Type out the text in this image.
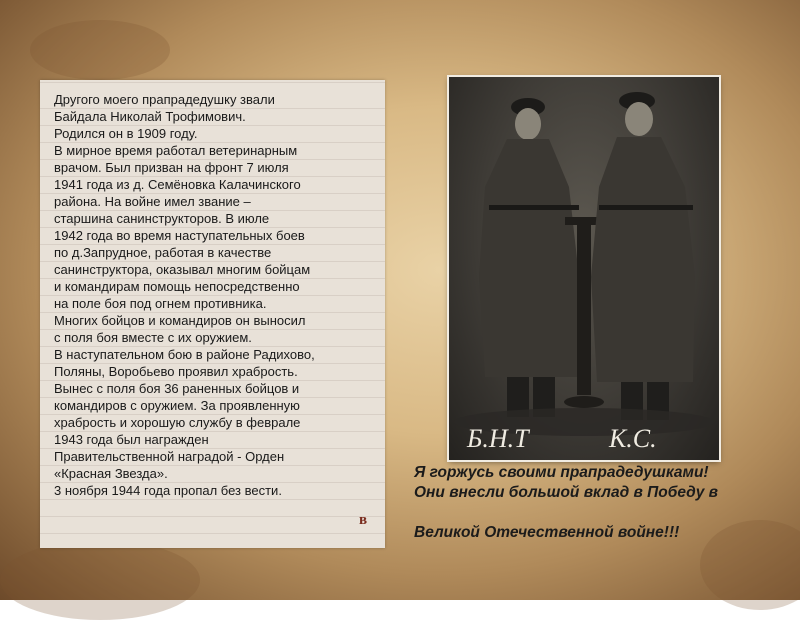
Другого моего прапрадедушку звали
Байдала Николай Трофимович.
Родился он в 1909 году.
В мирное время работал ветеринарным
врачом. Был призван на фронт 7 июля
1941 года из д. Семёновка Калачинского
района. На войне имел звание –
старшина санинструкторов. В июле
1942 года во время наступательных боев
по д.Запрудное, работая в качестве
санинструктора, оказывал многим бойцам
и командирам помощь непосредственно
на поле боя под огнем противника.
Многих бойцов и командиров он выносил
с поля боя вместе с их оружием.
В наступательном бою в районе Радихово,
Поляны, Воробьево проявил храбрость.
Вынес с поля боя 36 раненных бойцов и
командиров с оружием. За проявленную
храбрость и хорошую службу в феврале
1943 года был награжден
Правительственной наградой - Орден
«Красная Звезда».
3 ноября 1944 года пропал без вести.
в
Б.Н.Т	К.С.
Я горжусь своими прапрадедушками!
Они внесли большой вклад в Победу в
Великой Отечественной войне!!!
